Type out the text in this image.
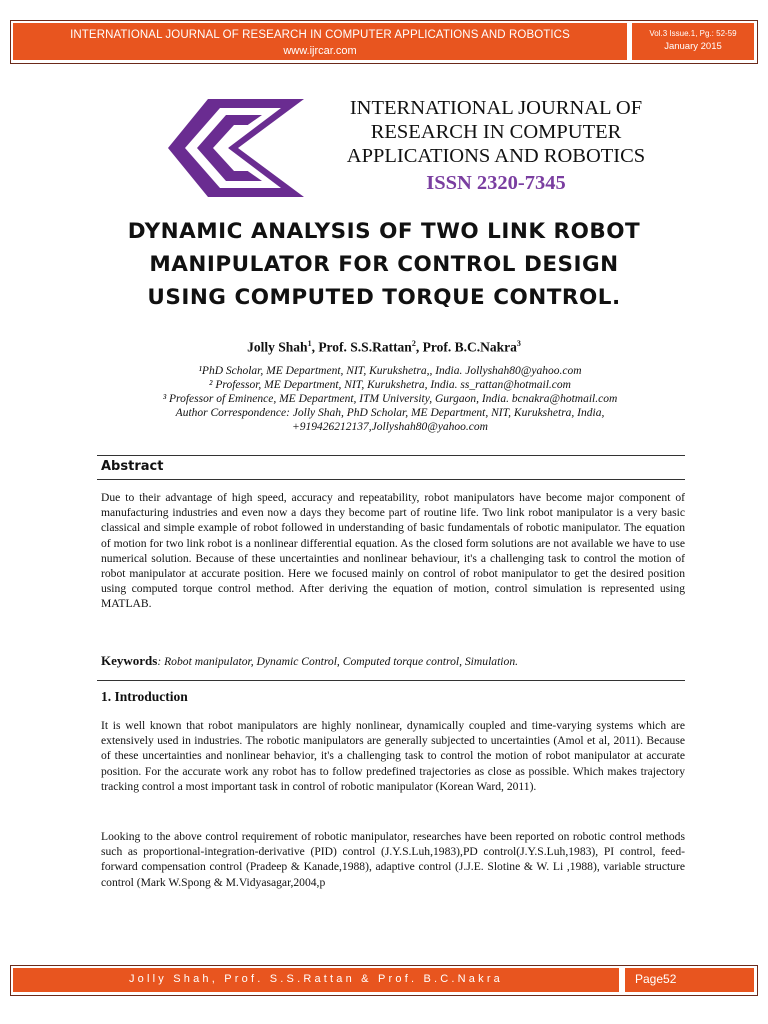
INTERNATIONAL JOURNAL OF RESEARCH IN COMPUTER APPLICATIONS AND ROBOTICS
www.ijrcar.com
Vol.3 Issue.1, Pg.: 52-59
January 2015
INTERNATIONAL JOURNAL OF
RESEARCH IN COMPUTER
APPLICATIONS AND ROBOTICS
ISSN 2320-7345
DYNAMIC ANALYSIS OF TWO LINK ROBOT
MANIPULATOR FOR CONTROL DESIGN
USING COMPUTED TORQUE CONTROL.
Jolly Shah$^1$, Prof. S.S.Rattan$^2$, Prof. B.C.Nakra$^3$
¹PhD Scholar, ME Department, NIT, Kurukshetra,, India. Jollyshah80@yahoo.com
² Professor, ME Department, NIT, Kurukshetra, India. ss_rattan@hotmail.com
³ Professor of Eminence, ME Department, ITM University, Gurgaon, India. bcnakra@hotmail.com
Author Correspondence: Jolly Shah, PhD Scholar, ME Department, NIT, Kurukshetra, India,
+919426212137,Jollyshah80@yahoo.com
Abstract
Due to their advantage of high speed, accuracy and repeatability, robot manipulators have become major component of manufacturing industries and even now a days they become part of routine life. Two link robot manipulator is a very basic classical and simple example of robot followed in understanding of basic fundamentals of robotic manipulator. The equation of motion for two link robot is a nonlinear differential equation. As the closed form solutions are not available we have to use numerical solution. Because of these uncertainties and nonlinear behaviour, it's a challenging task to control the motion of robot manipulator at accurate position. Here we focused mainly on control of robot manipulator to get the desired position using computed torque control method. After deriving the equation of motion, control simulation is represented using MATLAB.
Keywords: Robot manipulator, Dynamic Control, Computed torque control, Simulation.
1. Introduction
It is well known that robot manipulators are highly nonlinear, dynamically coupled and time-varying systems which are extensively used in industries. The robotic manipulators are generally subjected to uncertainties (Amol et al, 2011). Because of these uncertainties and nonlinear behavior, it's a challenging task to control the motion of robot manipulator at accurate position. For the accurate work any robot has to follow predefined trajectories as close as possible. Which makes trajectory tracking control a most important task in control of robotic manipulator (Korean Ward, 2011).
Looking to the above control requirement of robotic manipulator, researches have been reported on robotic control methods such as proportional-integration-derivative (PID) control (J.Y.S.Luh,1983),PD control(J.Y.S.Luh,1983), PI control, feed-forward compensation control (Pradeep & Kanade,1988), adaptive control (J.J.E. Slotine & W. Li ,1988), variable structure control (Mark W.Spong & M.Vidyasagar,2004,p
Jolly Shah, Prof. S.S.Rattan & Prof. B.C.Nakra	Page52
